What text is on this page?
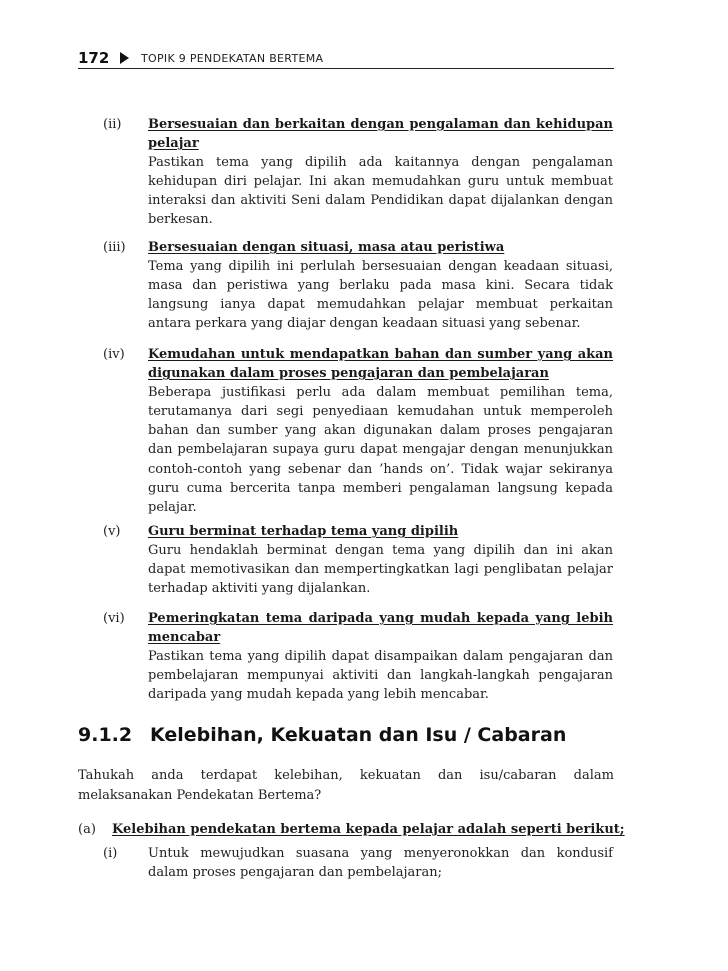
172	TOPIK 9 PENDEKATAN BERTEMA
(ii) Bersesuaian dan berkaitan dengan pengalaman dan kehidupan pelajar
Pastikan tema yang dipilih ada kaitannya dengan pengalaman kehidupan diri pelajar. Ini akan memudahkan guru untuk membuat interaksi dan aktiviti Seni dalam Pendidikan dapat dijalankan dengan berkesan.
(iii) Bersesuaian dengan situasi, masa atau peristiwa
Tema yang dipilih ini perlulah bersesuaian dengan keadaan situasi, masa dan peristiwa yang berlaku pada masa kini. Secara tidak langsung ianya dapat memudahkan pelajar membuat perkaitan antara perkara yang diajar dengan keadaan situasi yang sebenar.
(iv) Kemudahan untuk mendapatkan bahan dan sumber yang akan digunakan dalam proses pengajaran dan pembelajaran
Beberapa justifikasi perlu ada dalam membuat pemilihan tema, terutamanya dari segi penyediaan kemudahan untuk memperoleh bahan dan sumber yang akan digunakan dalam proses pengajaran dan pembelajaran supaya guru dapat mengajar dengan menunjukkan contoh-contoh yang sebenar dan ’hands on’. Tidak wajar sekiranya guru cuma bercerita tanpa memberi pengalaman langsung kepada pelajar.
(v) Guru berminat terhadap tema yang dipilih
Guru hendaklah berminat dengan tema yang dipilih dan ini akan dapat memotivasikan dan mempertingkatkan lagi penglibatan pelajar terhadap aktiviti yang dijalankan.
(vi) Pemeringkatan tema daripada yang mudah kepada yang lebih mencabar
Pastikan tema yang dipilih dapat disampaikan dalam pengajaran dan pembelajaran mempunyai aktiviti dan langkah-langkah pengajaran daripada yang mudah kepada yang lebih mencabar.
9.1.2 Kelebihan, Kekuatan dan Isu / Cabaran
Tahukah anda terdapat kelebihan, kekuatan dan isu/cabaran dalam melaksanakan Pendekatan Bertema?
(a) Kelebihan pendekatan bertema kepada pelajar adalah seperti berikut;
(i) Untuk mewujudkan suasana yang menyeronokkan dan kondusif dalam proses pengajaran dan pembelajaran;
